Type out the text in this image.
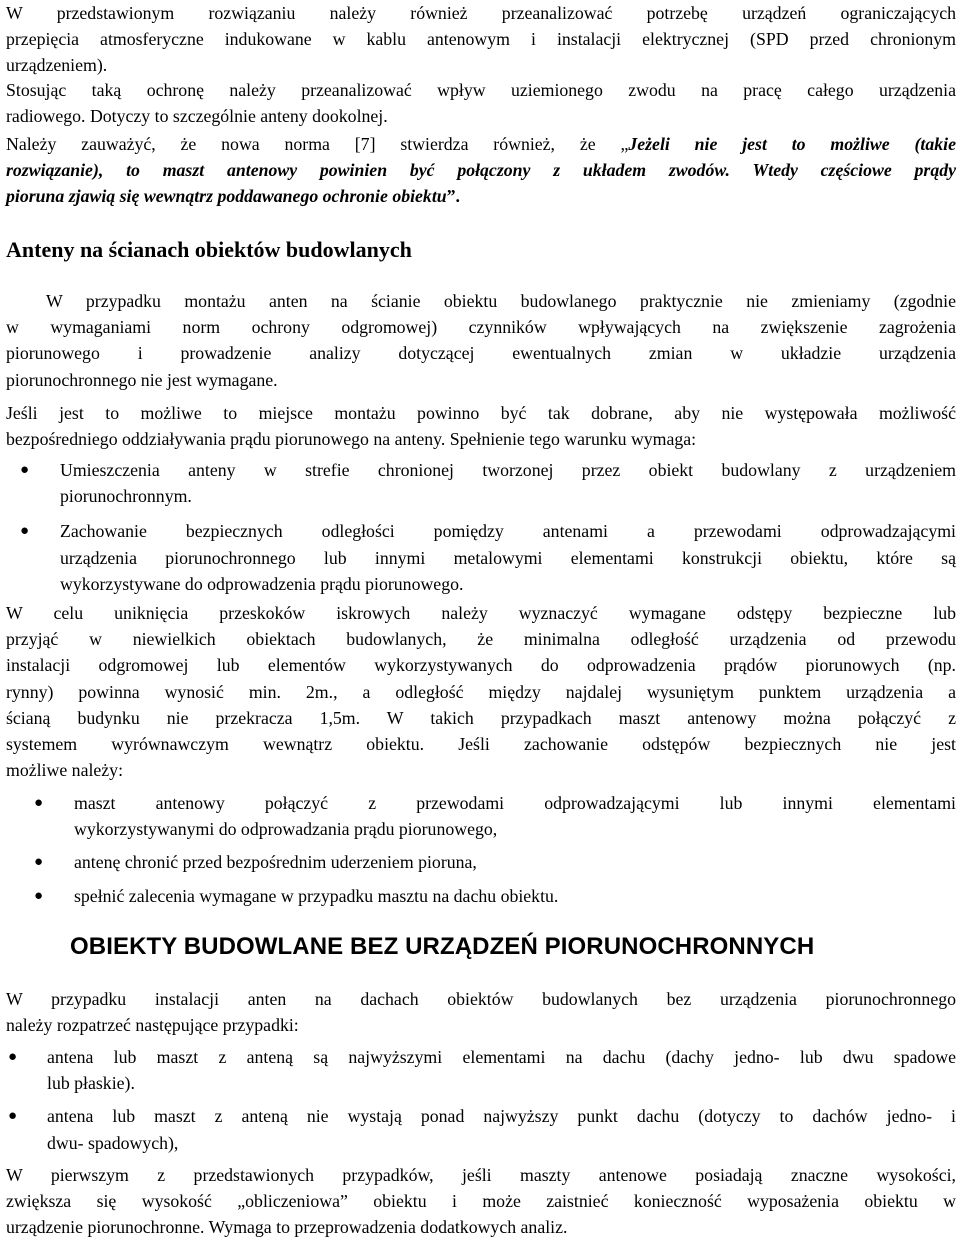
W przedstawionym rozwiązaniu należy również przeanalizować potrzebę urządzeń ograniczających

przepięcia atmosferyczne indukowane w kablu antenowym i instalacji elektrycznej (SPD przed chronionym

urządzeniem).

Stosując taką ochronę należy przeanalizować wpływ uziemionego zwodu na pracę całego urządzenia

radiowego. Dotyczy to szczególnie anteny dookolnej.

Należy zauważyć, że nowa norma [7] stwierdza również, że „Jeżeli nie jest to możliwe (takie

rozwiązanie), to maszt antenowy powinien być połączony z układem zwodów. Wtedy częściowe prądy

pioruna zjawią się wewnątrz poddawanego ochronie obiektu”.

Anteny na ścianach obiektów budowlanych

W przypadku montażu anten na ścianie obiektu budowlanego praktycznie nie zmieniamy (zgodnie

w wymaganiami norm ochrony odgromowej) czynników wpływających na zwiększenie zagrożenia

piorunowego i prowadzenie analizy dotyczącej ewentualnych zmian w układzie urządzenia

piorunochronnego nie jest wymagane.

Jeśli jest to możliwe to miejsce montażu powinno być tak dobrane, aby nie występowała możliwość

bezpośredniego oddziaływania prądu piorunowego na anteny. Spełnienie tego warunku wymaga:

● Umieszczenia anteny w strefie chronionej tworzonej przez obiekt budowlany z urządzeniem
piorunochronnym.
● Zachowanie bezpiecznych odległości pomiędzy antenami a przewodami odprowadzającymi
urządzenia piorunochronnego lub innymi metalowymi elementami konstrukcji obiektu, które są
wykorzystywane do odprowadzenia prądu piorunowego.

W celu uniknięcia przeskoków iskrowych należy wyznaczyć wymagane odstępy bezpieczne lub

przyjąć w niewielkich obiektach budowlanych, że minimalna odległość urządzenia od przewodu

instalacji odgromowej lub elementów wykorzystywanych do odprowadzenia prądów piorunowych (np.

rynny) powinna wynosić min. 2m., a odległość między najdalej wysuniętym punktem urządzenia a

ścianą budynku nie przekracza 1,5m. W takich przypadkach maszt antenowy można połączyć z

systemem wyrównawczym wewnątrz obiektu. Jeśli zachowanie odstępów bezpiecznych nie jest

możliwe należy:

● maszt antenowy połączyć z przewodami odprowadzającymi lub innymi elementami
wykorzystywanymi do odprowadzania prądu piorunowego,
● antenę chronić przed bezpośrednim uderzeniem pioruna,
● spełnić zalecenia wymagane w przypadku masztu na dachu obiektu.
OBIEKTY BUDOWLANE BEZ URZĄDZEŃ PIORUNOCHRONNYCH

W przypadku instalacji anten na dachach obiektów budowlanych bez urządzenia piorunochronnego

należy rozpatrzeć następujące przypadki:

● antena lub maszt z anteną są najwyższymi elementami na dachu (dachy jedno- lub dwu spadowe
lub płaskie).
● antena lub maszt z anteną nie wystają ponad najwyższy punkt dachu (dotyczy to dachów jedno- i
dwu- spadowych),

W pierwszym z przedstawionych przypadków, jeśli maszty antenowe posiadają znaczne wysokości,

zwiększa się wysokość „obliczeniowa” obiektu i może zaistnieć konieczność wyposażenia obiektu w

urządzenie piorunochronne. Wymaga to przeprowadzenia dodatkowych analiz.
